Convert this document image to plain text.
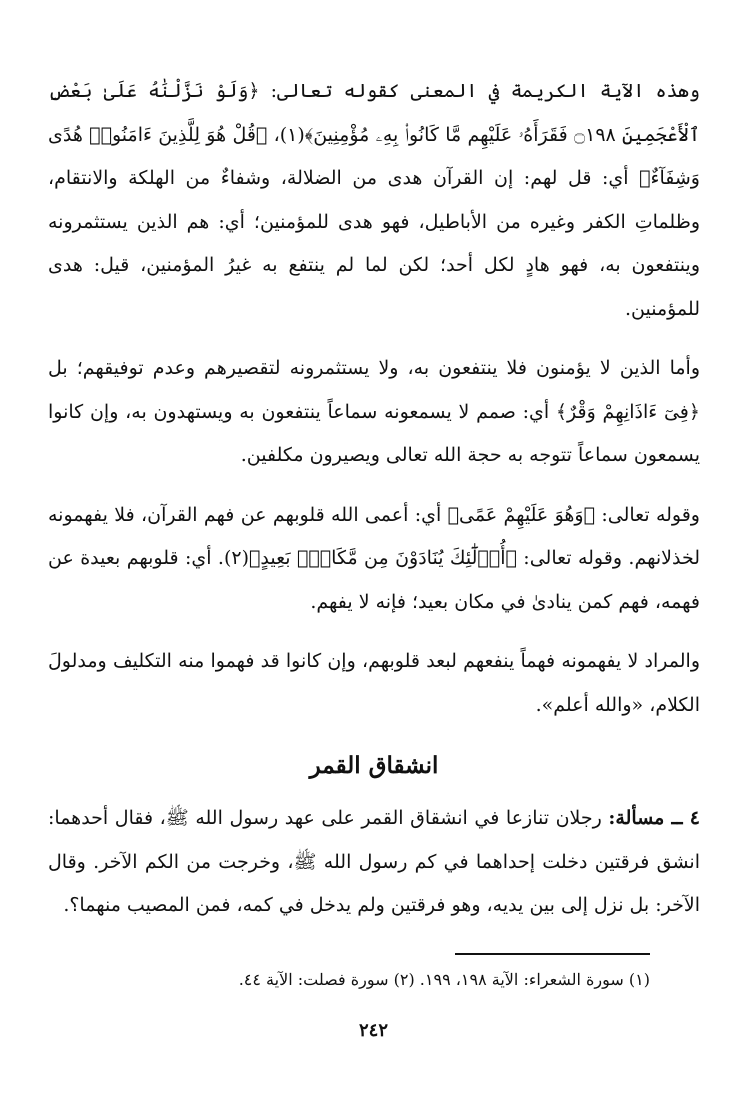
وهذه الآية الكريمة في المعنى كقوله تعالى: ﴿وَلَوْ نَزَّلْنَٰهُ عَلَىٰ بَعْضِ ٱلْأَعْجَمِينَ ۝١٩٨ فَقَرَأَهُۥ عَلَيْهِم مَّا كَانُوا۟ بِهِۦ مُؤْمِنِينَ﴾(١)، ﴿قُلْ هُوَ لِلَّذِينَ ءَامَنُوا۟ هُدًى وَشِفَآءٌ﴾ أي: قل لهم: إن القرآن هدى من الضلالة، وشفاءٌ من الهلكة والانتقام، وظلماتِ الكفر وغيره من الأباطيل، فهو هدى للمؤمنين؛ أي: هم الذين يستثمرونه وينتفعون به، فهو هادٍ لكل أحد؛ لكن لما لم ينتفع به غيرُ المؤمنين، قيل: هدى للمؤمنين.

وأما الذين لا يؤمنون فلا ينتفعون به، ولا يستثمرونه لتقصيرهم وعدم توفيقهم؛ بل ﴿فِىٓ ءَاذَانِهِمْ وَقْرٌ﴾ أي: صمم لا يسمعونه سماعاً ينتفعون به ويستهدون به، وإن كانوا يسمعون سماعاً تتوجه به حجة الله تعالى ويصيرون مكلفين.

وقوله تعالى: ﴿وَهُوَ عَلَيْهِمْ عَمًى﴾ أي: أعمى الله قلوبهم عن فهم القرآن، فلا يفهمونه لخذلانهم. وقوله تعالى: ﴿أُو۟لَٰٓئِكَ يُنَادَوْنَ مِن مَّكَانٍۭ بَعِيدٍ﴾(٢). أي: قلوبهم بعيدة عن فهمه، فهم كمن ينادىٰ في مكان بعيد؛ فإنه لا يفهم.

والمراد لا يفهمونه فهماً ينفعهم لبعد قلوبهم، وإن كانوا قد فهموا منه التكليف ومدلولَ الكلام، «والله أعلم».

انشقاق القمر

٤ ــ مسألة: رجلان تنازعا في انشقاق القمر على عهد رسول الله ﷺ، فقال أحدهما: انشق فرقتين دخلت إحداهما في كم رسول الله ﷺ، وخرجت من الكم الآخر. وقال الآخر: بل نزل إلى بين يديه، وهو فرقتين ولم يدخل في كمه، فمن المصيب منهما؟.

(١) سورة الشعراء: الآية ١٩٨، ١٩٩. (٢) سورة فصلت: الآية ٤٤.
٢٤٢
